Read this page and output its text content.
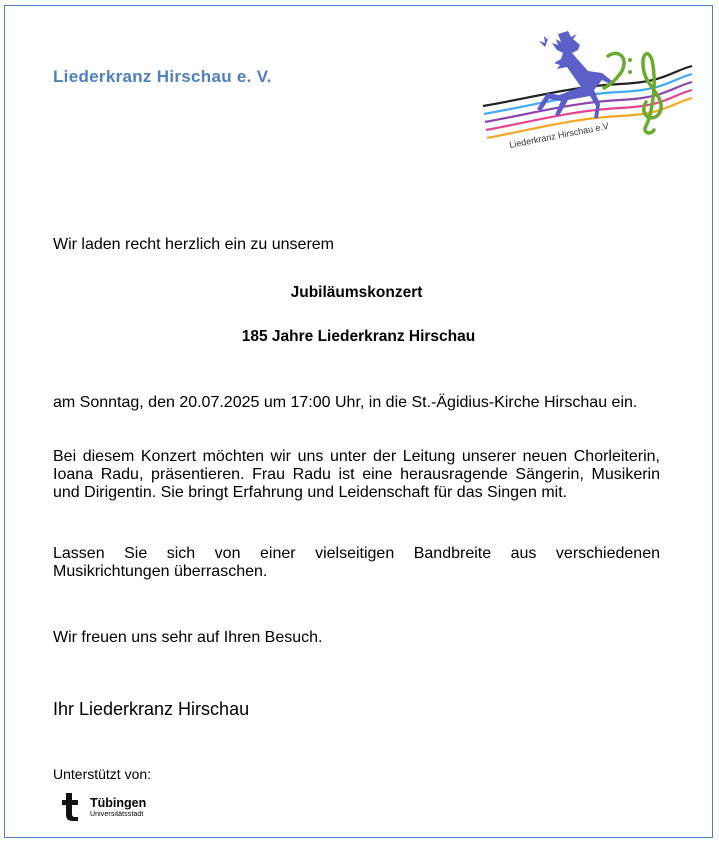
Liederkranz Hirschau e. V.
Liederkranz Hirschau e.V
Wir laden recht herzlich ein zu unserem
Jubiläumskonzert
185 Jahre Liederkranz Hirschau

am Sonntag, den 20.07.2025 um 17:00 Uhr, in die St.-Ägidius-Kirche Hirschau ein.

Bei diesem Konzert möchten wir uns unter der Leitung unserer neuen Chorleiterin, Ioana Radu, präsentieren. Frau Radu ist eine herausragende Sängerin, Musikerin und Dirigentin. Sie bringt Erfahrung und Leidenschaft für das Singen mit.

Lassen Sie sich von einer vielseitigen Bandbreite aus verschiedenen Musikrichtungen überraschen.

Wir freuen uns sehr auf Ihren Besuch.
Ihr Liederkranz Hirschau
Unterstützt von:
Tübingen
Universitätsstadt
